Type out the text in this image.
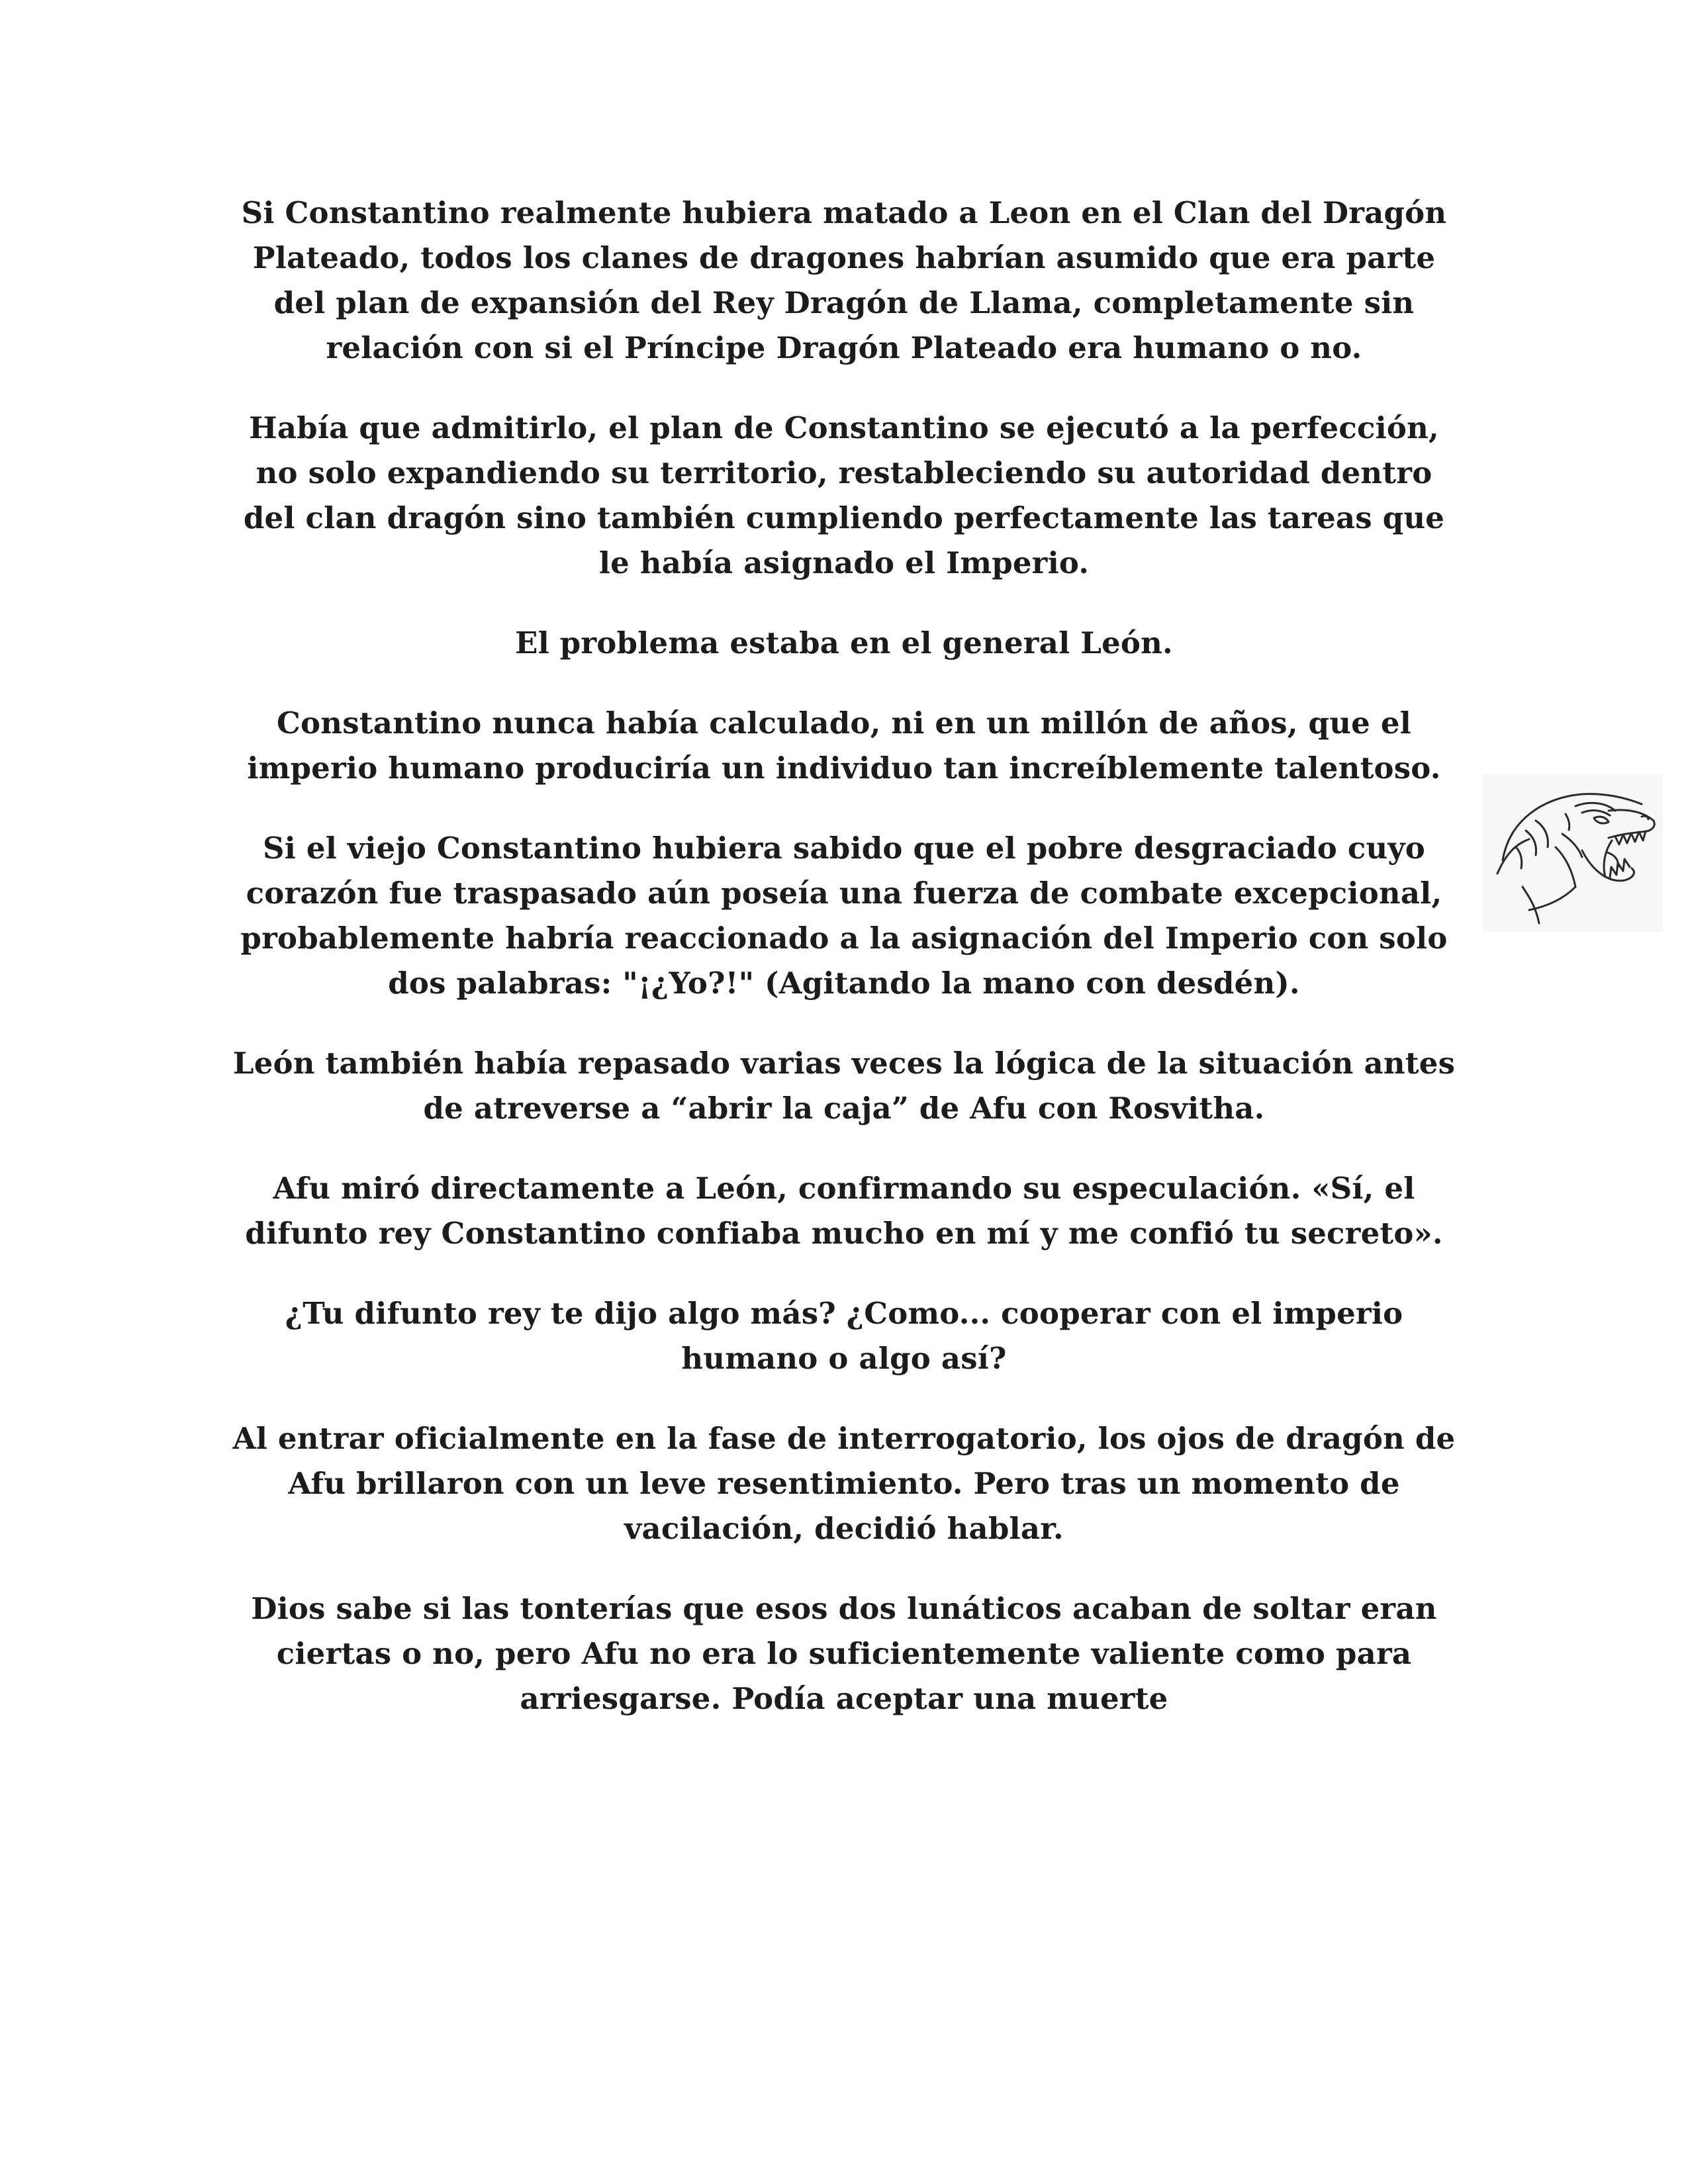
Si Constantino realmente hubiera matado a Leon en el Clan del Dragón Plateado, todos los clanes de dragones habrían asumido que era parte del plan de expansión del Rey Dragón de Llama, completamente sin relación con si el Príncipe Dragón Plateado era humano o no.

Había que admitirlo, el plan de Constantino se ejecutó a la perfección, no solo expandiendo su territorio, restableciendo su autoridad dentro del clan dragón sino también cumpliendo perfectamente las tareas que le había asignado el Imperio.

El problema estaba en el general León.

Constantino nunca había calculado, ni en un millón de años, que el imperio humano produciría un individuo tan increíblemente talentoso.

Si el viejo Constantino hubiera sabido que el pobre desgraciado cuyo corazón fue traspasado aún poseía una fuerza de combate excepcional, probablemente habría reaccionado a la asignación del Imperio con solo dos palabras: "¡¿Yo?!" (Agitando la mano con desdén).

León también había repasado varias veces la lógica de la situación antes de atreverse a “abrir la caja” de Afu con Rosvitha.

Afu miró directamente a León, confirmando su especulación. «Sí, el difunto rey Constantino confiaba mucho en mí y me confió tu secreto».

¿Tu difunto rey te dijo algo más? ¿Como... cooperar con el imperio humano o algo así?

Al entrar oficialmente en la fase de interrogatorio, los ojos de dragón de Afu brillaron con un leve resentimiento. Pero tras un momento de vacilación, decidió hablar.

Dios sabe si las tonterías que esos dos lunáticos acaban de soltar eran ciertas o no, pero Afu no era lo suficientemente valiente como para arriesgarse. Podía aceptar una muerte
